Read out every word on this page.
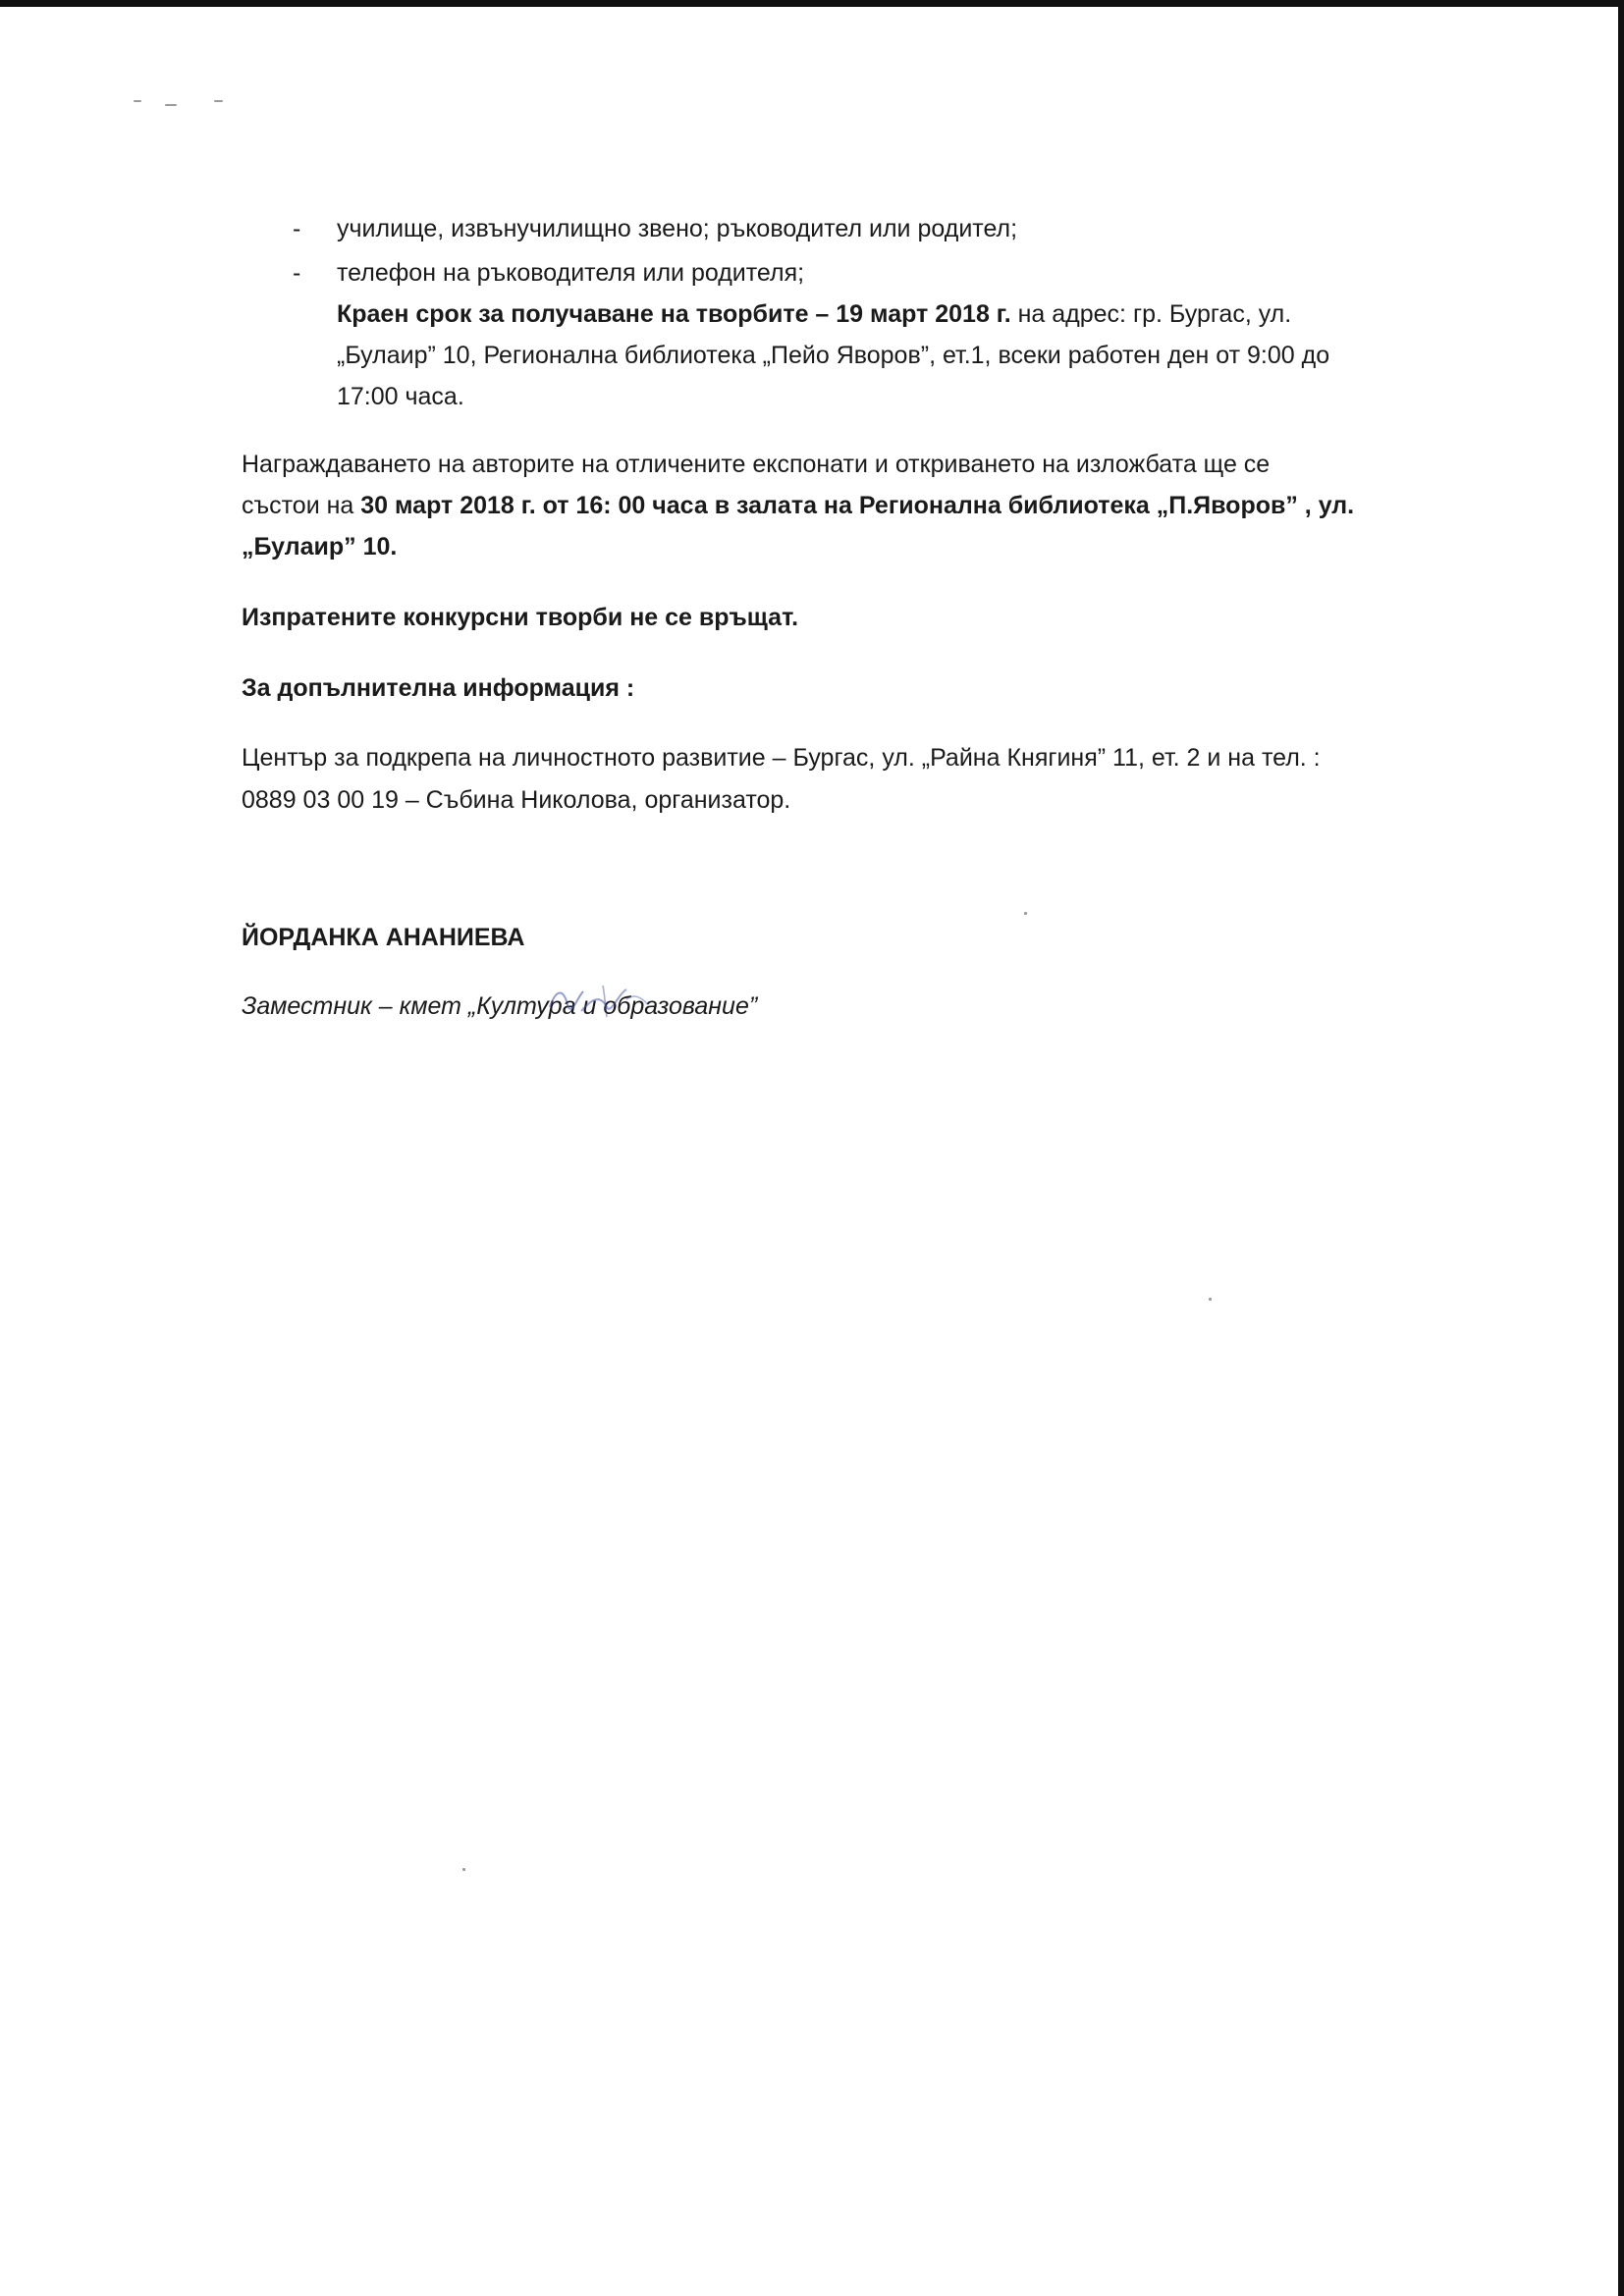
- училище, извънучилищно звено; ръководител или родител;
- телефон на ръководителя или родителя;
Краен срок за получаване на творбите – 19 март 2018 г. на адрес: гр. Бургас, ул.
„Булаир” 10, Регионална библиотека „Пейо Яворов”, ет.1, всеки работен ден от 9:00 до
17:00 часа.
Награждаването на авторите на отличените експонати и откриването на изложбата ще се
състои на 30 март 2018 г. от 16: 00 часа в залата на Регионална библиотека „П.Яворов” , ул.
„Булаир” 10.
Изпратените конкурсни творби не се връщат.
За допълнителна информация :
Център за подкрепа на личностното развитие – Бургас, ул. „Райна Княгиня” 11, ет. 2 и на тел. :
0889 03 00 19 – Събина Николова, организатор.
ЙОРДАНКА АНАНИЕВА
Заместник – кмет „Култура и образование”
